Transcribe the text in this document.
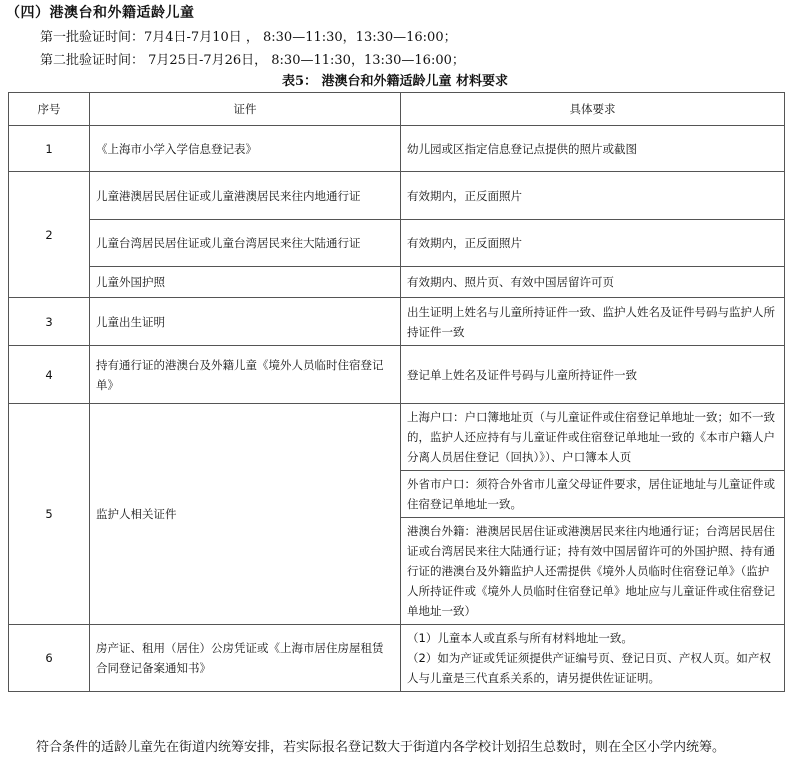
（四）港澳台和外籍适龄儿童
第一批验证时间：7月4日-7月10日 ， 8:30—11:30，13:30—16:00；
第二批验证时间： 7月25日-7月26日， 8:30—11:30，13:30—16:00；
表5： 港澳台和外籍适龄儿童 材料要求
序号	证件	具体要求
1	《上海市小学入学信息登记表》	幼儿园或区指定信息登记点提供的照片或截图
2	儿童港澳居民居住证或儿童港澳居民来往内地通行证	有效期内，正反面照片
	儿童台湾居民居住证或儿童台湾居民来往大陆通行证	有效期内，正反面照片
	儿童外国护照	有效期内、照片页、有效中国居留许可页
3	儿童出生证明	出生证明上姓名与儿童所持证件一致、监护人姓名及证件号码与监护人所持证件一致
4	持有通行证的港澳台及外籍儿童《境外人员临时住宿登记单》	登记单上姓名及证件号码与儿童所持证件一致
5	监护人相关证件	上海户口：户口簿地址页（与儿童证件或住宿登记单地址一致；如不一致的，监护人还应持有与儿童证件或住宿登记单地址一致的《本市户籍人户分离人员居住登记（回执）》）、户口簿本人页
		外省市户口：须符合外省市儿童父母证件要求，居住证地址与儿童证件或住宿登记单地址一致。
		港澳台外籍：港澳居民居住证或港澳居民来往内地通行证；台湾居民居住证或台湾居民来往大陆通行证；持有效中国居留许可的外国护照、持有通行证的港澳台及外籍监护人还需提供《境外人员临时住宿登记单》（监护人所持证件或《境外人员临时住宿登记单》地址应与儿童证件或住宿登记单地址一致）
6	房产证、租用（居住）公房凭证或《上海市居住房屋租赁合同登记备案通知书》	（1）儿童本人或直系与所有材料地址一致。
（2）如为产证或凭证须提供产证编号页、登记日页、产权人页。如产权人与儿童是三代直系关系的，请另提供佐证证明。
符合条件的适龄儿童先在街道内统筹安排，若实际报名登记数大于街道内各学校计划招生总数时，则在全区小学内统筹。
